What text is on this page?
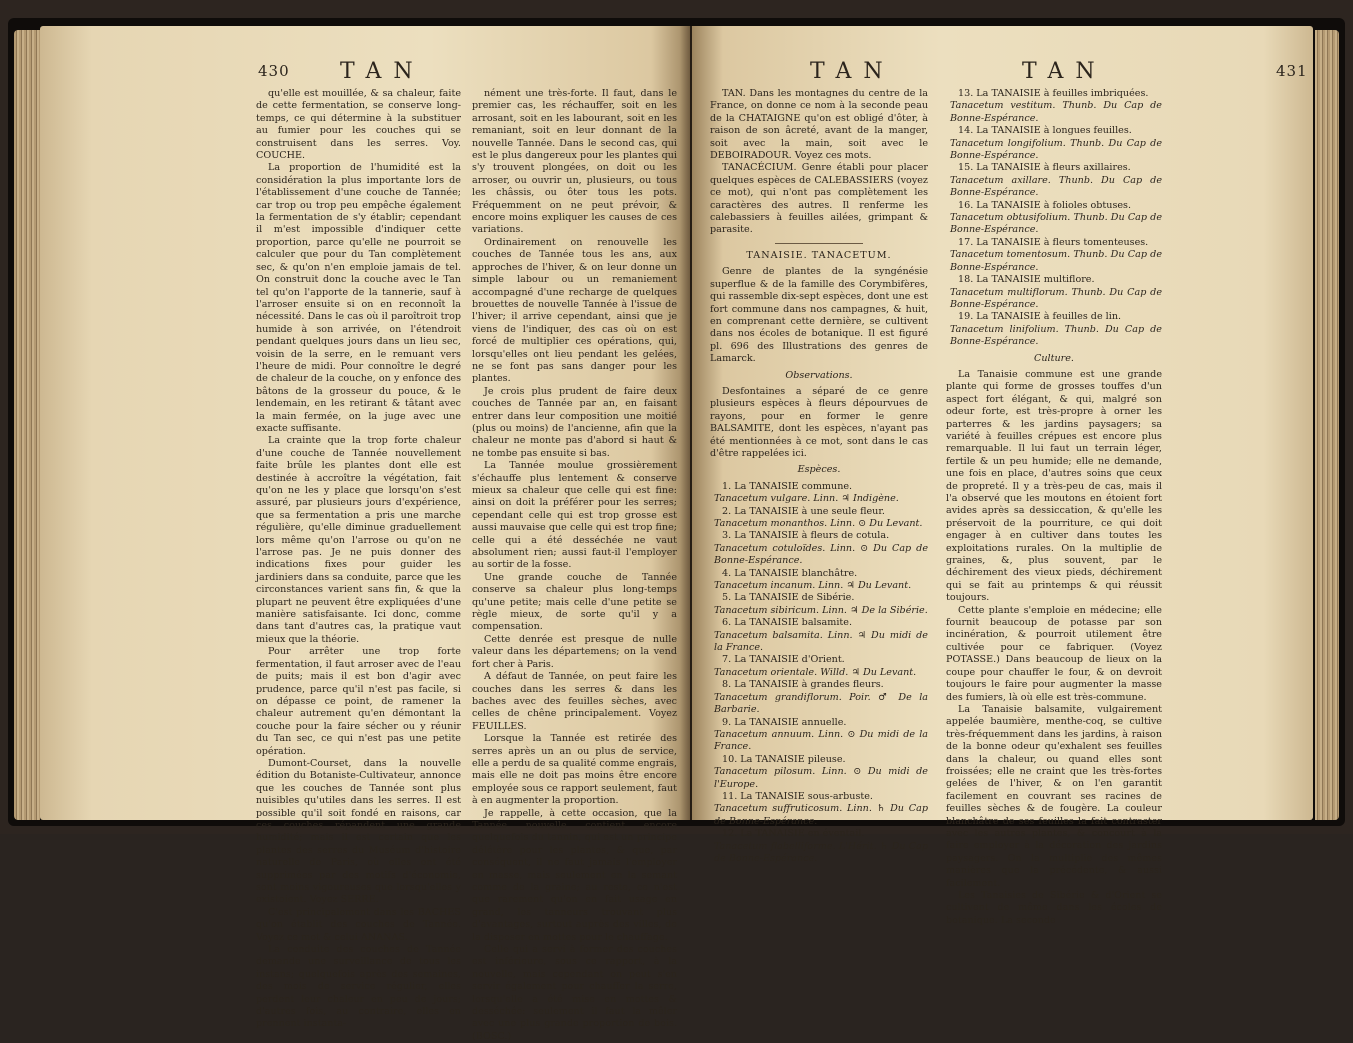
430 TAN

qu'elle est mouillée, & sa chaleur, faite de cette fermentation, se conserve long-temps, ce qui détermine à la substituer au fumier pour les couches qui se construisent dans les serres. Voy. COUCHE.

La proportion de l'humidité est la considération la plus importante lors de l'établissement d'une couche de Tannée; car trop ou trop peu empêche également la fermentation de s'y établir; cependant il m'est impossible d'indiquer cette proportion, parce qu'elle ne pourroit se calculer que pour du Tan complètement sec, & qu'on n'en emploie jamais de tel. On construit donc la couche avec le Tan tel qu'on l'apporte de la tannerie, sauf à l'arroser ensuite si on en reconnoît la nécessité. Dans le cas où il paroîtroit trop humide à son arrivée, on l'étendroit pendant quelques jours dans un lieu sec, voisin de la serre, en le remuant vers l'heure de midi. Pour connoître le degré de chaleur de la couche, on y enfonce des bâtons de la grosseur du pouce, & le lendemain, en les retirant & tâtant avec la main fermée, on la juge avec une exacte suffisante.

La crainte que la trop forte chaleur d'une couche de Tannée nouvellement faite brûle les plantes dont elle est destinée à accroître la végétation, fait qu'on ne les y place que lorsqu'on s'est assuré, par plusieurs jours d'expérience, que sa fermentation a pris une marche régulière, qu'elle diminue graduellement lors même qu'on l'arrose ou qu'on ne l'arrose pas. Je ne puis donner des indications fixes pour guider les jardiniers dans sa conduite, parce que les circonstances varient sans fin, & que la plupart ne peuvent être expliquées d'une manière satisfaisante. Ici donc, comme dans tant d'autres cas, la pratique vaut mieux que la théorie.

Pour arrêter une trop forte fermentation, il faut arroser avec de l'eau de puits; mais il est bon d'agir avec prudence, parce qu'il n'est pas facile, si on dépasse ce point, de ramener la chaleur autrement qu'en démontant la couche pour la faire sécher ou y réunir du Tan sec, ce qui n'est pas une petite opération.

Dumont-Courset, dans la nouvelle édition du Botaniste-Cultivateur, annonce que les couches de Tannée sont plus nuisibles qu'utiles dans les serres. Il est possible qu'il soit fondé en raisons, car ces couches répandent une grande humidité; mais il est certain que les plantes des serres du Muséum d'histoire naturelle de Paris, où elles ont été supprimées par des motifs d'économie, sont moins vigoureuses que lorsqu'elles y existoient. Voyez SERRE.

C'est principalement dans les BACHES qu'on établit des couches de Tannée. Voyez ce mot & celui ANANAS.

La conduite des couches de Tannée demande une surveillance de tous les instans; quelquefois après des semaines, des mois de service régulier, elles perdent leur chaleur en peu de jours; d'autres fois, au contraire, elles en prennent instanta-

nément une très-forte. Il faut, dans le premier cas, les réchauffer, soit en les arrosant, soit en les labourant, soit en les remaniant, soit en leur donnant de la nouvelle Tannée. Dans le second cas, qui est le plus dangereux pour les plantes qui s'y trouvent plongées, on doit ou les arroser, ou ouvrir un, plusieurs, ou tous les châssis, ou ôter tous les pots. Fréquemment on ne peut prévoir, & encore moins expliquer les causes de ces variations.

Ordinairement on renouvelle les couches de Tannée tous les ans, aux approches de l'hiver, & on leur donne un simple labour ou un remaniement accompagné d'une recharge de quelques brouettes de nouvelle Tannée à l'issue de l'hiver; il arrive cependant, ainsi que je viens de l'indiquer, des cas où on est forcé de multiplier ces opérations, qui, lorsqu'elles ont lieu pendant les gelées, ne se font pas sans danger pour les plantes.

Je crois plus prudent de faire deux couches de Tannée par an, en faisant entrer dans leur composition une moitié (plus ou moins) de l'ancienne, afin que la chaleur ne monte pas d'abord si haut & ne tombe pas ensuite si bas.

La Tannée moulue grossièrement s'échauffe plus lentement & conserve mieux sa chaleur que celle qui est fine: ainsi on doit la préférer pour les serres; cependant celle qui est trop grosse est aussi mauvaise que celle qui est trop fine; celle qui a été desséchée ne vaut absolument rien; aussi faut-il l'employer au sortir de la fosse.

Une grande couche de Tannée conserve sa chaleur plus long-temps qu'une petite; mais celle d'une petite se règle mieux, de sorte qu'il y a compensation.

Cette denrée est presque de nulle valeur dans les départemens; on la vend fort cher à Paris.

A défaut de Tannée, on peut faire les couches dans les serres & dans les baches avec des feuilles sèches, avec celles de chêne principalement. Voyez FEUILLES.

Lorsque la Tannée est retirée des serres après un an ou plus de service, elle a perdu de sa qualité comme engrais, mais elle ne doit pas moins être encore employée sous ce rapport seulement, faut à en augmenter la proportion.

Je rappelle, à cette occasion, que la Tannée nouvelle contient encore quelquefois du tannin, qui est un principe délétère pour les plantes, & que, par conséquent, il ne faut jamais l'employer en masse, mais seulement en la semant comme de la graine; au reste, ce n'est que rarement qu'on en fait usage en grand, les tanneurs trouvant plus d'avantages, surtout auprès des villes, de la disposer en mottes pour le chauffage.

Celle qui a servi à former des couches est inférieure, sous ce rapport, à la nouvelle, mais cependant on peut s'en servir également pour chauffer la serre, lorsqu'elle a été mise en mottes & desséchée: seulement il faut la mêler avec une plus grande proportion de bois. (BOSC.)

TAN	TAN	431

TAN. Dans les montagnes du centre de la France, on donne ce nom à la seconde peau de la CHATAIGNE qu'on est obligé d'ôter, à raison de son âcreté, avant de la manger, soit avec la main, soit avec le DEBOIRADOUR. Voyez ces mots.

TANACÉCIUM. Genre établi pour placer quelques espèces de CALEBASSIERS (voyez ce mot), qui n'ont pas complètement les caractères des autres. Il renferme les calebassiers à feuilles ailées, grimpant & parasite.

TANAISIE. TANACETUM.

Genre de plantes de la syngénésie superflue & de la famille des Corymbifères, qui rassemble dix-sept espèces, dont une est fort commune dans nos campagnes, & huit, en comprenant cette dernière, se cultivent dans nos écoles de botanique. Il est figuré pl. 696 des Illustrations des genres de Lamarck.

Observations.

Desfontaines a séparé de ce genre plusieurs espèces à fleurs dépourvues de rayons, pour en former le genre BALSAMITE, dont les espèces, n'ayant pas été mentionnées à ce mot, sont dans le cas d'être rappelées ici.

Espèces.

1. La TANAISIE commune.

Tanacetum vulgare. Linn. ♃ Indigène.

2. La TANAISIE à une seule fleur.

Tanacetum monanthos. Linn. ⊙ Du Levant.

3. La TANAISIE à fleurs de cotula.

Tanacetum cotuloïdes. Linn. ⊙ Du Cap de Bonne-Espérance.

4. La TANAISIE blanchâtre.

Tanacetum incanum. Linn. ♃ Du Levant.

5. La TANAISIE de Sibérie.

Tanacetum sibiricum. Linn. ♃ De la Sibérie.

6. La TANAISIE balsamite.

Tanacetum balsamita. Linn. ♃ Du midi de la France.

7. La TANAISIE d'Orient.

Tanacetum orientale. Willd. ♃ Du Levant.

8. La TANAISIE à grandes fleurs.

Tanacetum grandiflorum. Poir. ♂ De la Barbarie.

9. La TANAISIE annuelle.

Tanacetum annuum. Linn. ⊙ Du midi de la France.

10. La TANAISIE pileuse.

Tanacetum pilosum. Linn. ⊙ Du midi de l'Europe.

11. La TANAISIE sous-arbuste.

Tanacetum suffruticosum. Linn. ♄ Du Cap de Bonne-Espérance.

12. La TANAISIE en éventail.

Tanacetum flabelliforme. L'Hérit. ♄ Du Cap de Bonne-Espérance.

13. La TANAISIE à feuilles imbriquées.

Tanacetum vestitum. Thunb. Du Cap de Bonne-Espérance.

14. La TANAISIE à longues feuilles.

Tanacetum longifolium. Thunb. Du Cap de Bonne-Espérance.

15. La TANAISIE à fleurs axillaires.

Tanacetum axillare. Thunb. Du Cap de Bonne-Espérance.

16. La TANAISIE à folioles obtuses.

Tanacetum obtusifolium. Thunb. Du Cap de Bonne-Espérance.

17. La TANAISIE à fleurs tomenteuses.

Tanacetum tomentosum. Thunb. Du Cap de Bonne-Espérance.

18. La TANAISIE multiflore.

Tanacetum multiflorum. Thunb. Du Cap de Bonne-Espérance.

19. La TANAISIE à feuilles de lin.

Tanacetum linifolium. Thunb. Du Cap de Bonne-Espérance.

Culture.

La Tanaisie commune est une grande plante qui forme de grosses touffes d'un aspect fort élégant, & qui, malgré son odeur forte, est très-propre à orner les parterres & les jardins paysagers; sa variété à feuilles crépues est encore plus remarquable. Il lui faut un terrain léger, fertile & un peu humide; elle ne demande, une fois en place, d'autres soins que ceux de propreté. Il y a très-peu de cas, mais il l'a observé que les moutons en étoient fort avides après sa dessiccation, & qu'elle les préservoit de la pourriture, ce qui doit engager à en cultiver dans toutes les exploitations rurales. On la multiplie de graines, &, plus souvent, par le déchirement des vieux pieds, déchirement qui se fait au printemps & qui réussit toujours.

Cette plante s'emploie en médecine; elle fournit beaucoup de potasse par son incinération, & pourroit utilement être cultivée pour ce fabriquer. (Voyez POTASSE.) Dans beaucoup de lieux on la coupe pour chauffer le four, & on devroit toujours le faire pour augmenter la masse des fumiers, là où elle est très-commune.

La Tanaisie balsamite, vulgairement appelée baumière, menthe-coq, se cultive très-fréquemment dans les jardins, à raison de la bonne odeur qu'exhalent ses feuilles dans la chaleur, ou quand elles sont froissées; elle ne craint que les très-fortes gelées de l'hiver, & on l'en garantit facilement en couvrant ses racines de feuilles sèches & de fougère. La couleur blanchâtre de ses feuilles la fait contraster avec les autres plantes, & concourt à la faire employer à la décoration des jardins paysagers. On la multiplie des mêmes manières que la précédente, & aussi facilement.

Les Tanaisies de Sibérie & d'Orient se cultivent de même dans les écoles de botanique. La seconde
